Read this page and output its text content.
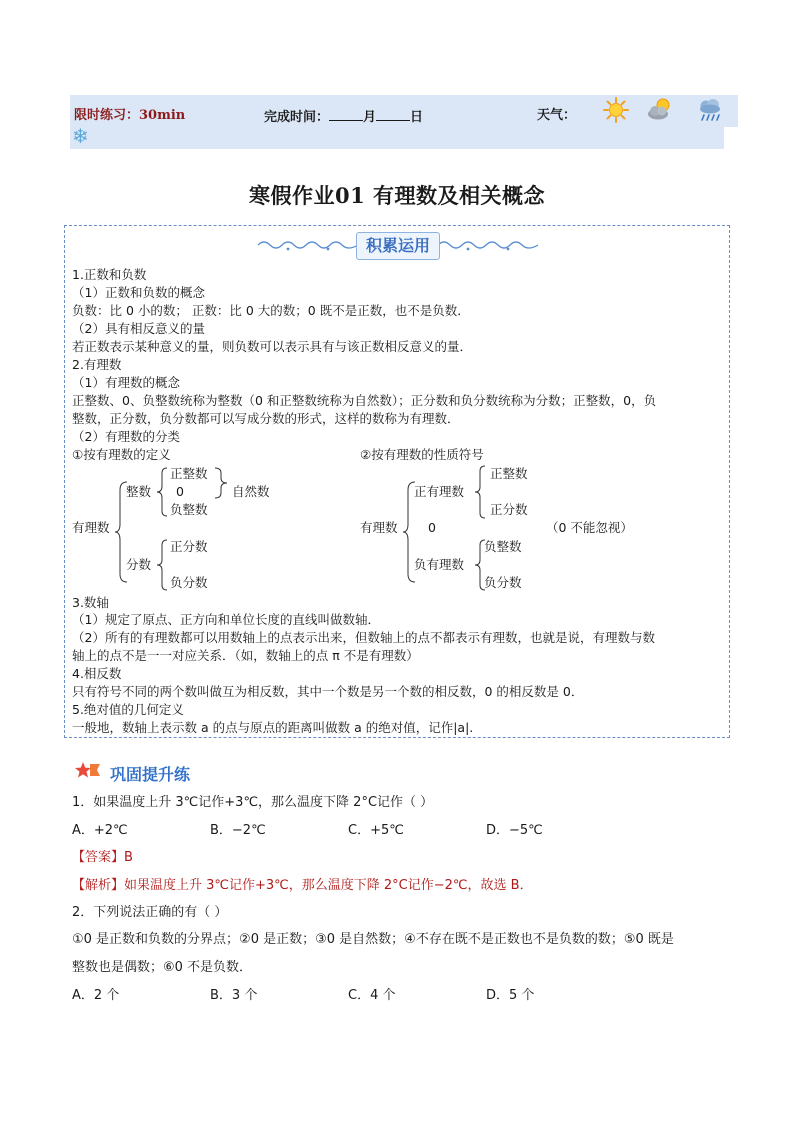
限时练习：30min	完成时间：	月	日	天气：
❄
寒假作业01 有理数及相关概念
积累运用
1.正数和负数
（1）正数和负数的概念
负数：比 0 小的数； 正数：比 0 大的数；0 既不是正数，也不是负数．
（2）具有相反意义的量
若正数表示某种意义的量，则负数可以表示具有与该正数相反意义的量．
2.有理数
（1）有理数的概念
正整数、0、负整数统称为整数（0 和正整数统称为自然数）；正分数和负分数统称为分数；正整数，0，负
整数，正分数，负分数都可以写成分数的形式，这样的数称为有理数．
（2）有理数的分类
①按有理数的定义
有理数
整数
正整数
0
负整数
自然数
分数
正分数
负分数
②按有理数的性质符号
有理数
正有理数
正整数
正分数
0	（0 不能忽视）
负有理数
负整数
负分数
3.数轴
（1）规定了原点、正方向和单位长度的直线叫做数轴．
（2）所有的有理数都可以用数轴上的点表示出来，但数轴上的点不都表示有理数，也就是说，有理数与数
轴上的点不是一一对应关系．（如，数轴上的点 π 不是有理数）
4.相反数
只有符号不同的两个数叫做互为相反数，其中一个数是另一个数的相反数，0 的相反数是 0．
5.绝对值的几何定义
一般地，数轴上表示数 a 的点与原点的距离叫做数 a 的绝对值，记作|a|.
巩固提升练
1．如果温度上升 3℃记作+3℃，那么温度下降 2°C记作（ ）
A．+2℃	B．−2℃	C．+5℃	D．−5℃
【答案】B
【解析】如果温度上升 3℃记作+3℃，那么温度下降 2°C记作−2℃，故选 B．
2．下列说法正确的有（ ）
①0 是正数和负数的分界点；②0 是正数；③0 是自然数；④不存在既不是正数也不是负数的数；⑤0 既是
整数也是偶数；⑥0 不是负数．
A．2 个	B．3 个	C．4 个	D．5 个
